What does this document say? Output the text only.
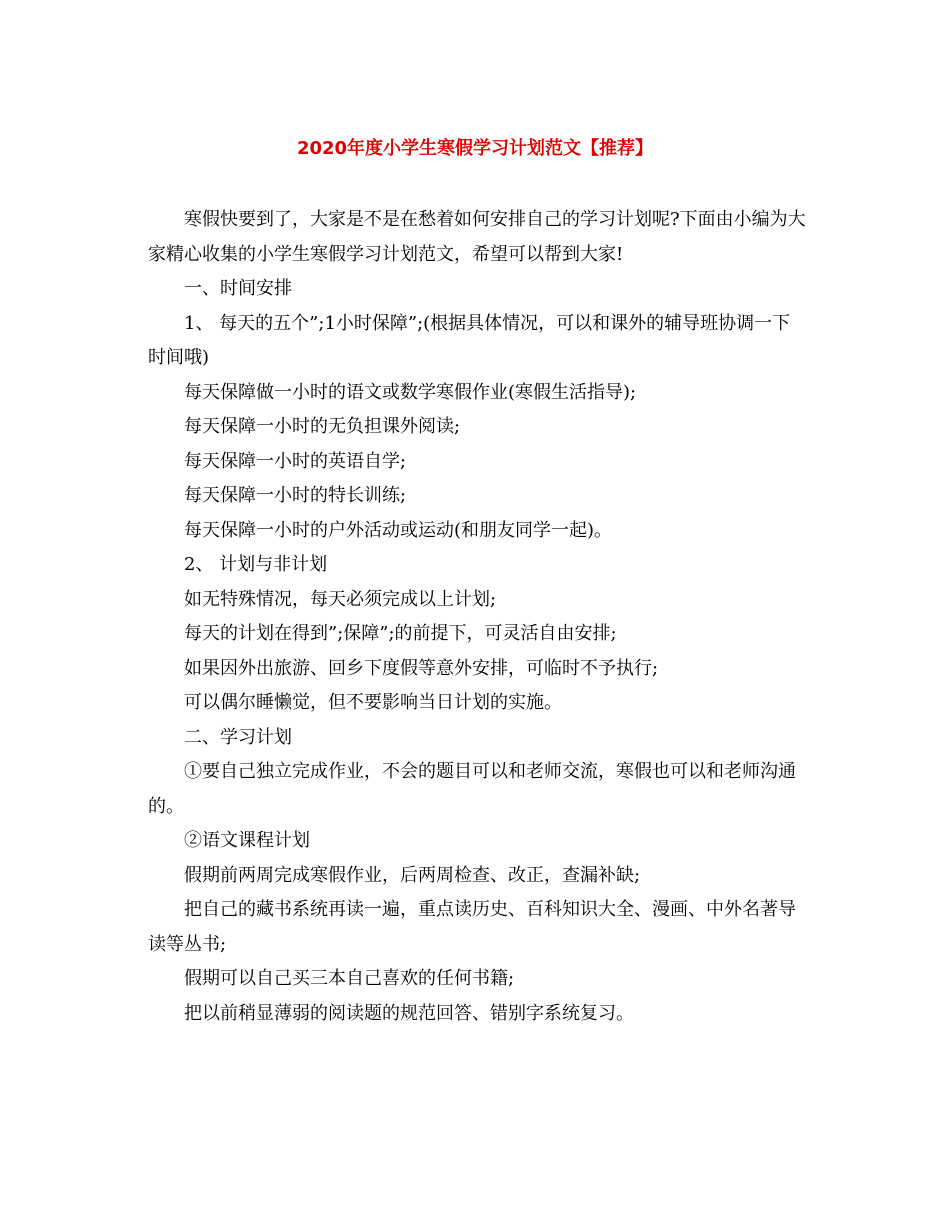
2020年度小学生寒假学习计划范文【推荐】

寒假快要到了，大家是不是在愁着如何安排自己的学习计划呢?下面由小编为大家精心收集的小学生寒假学习计划范文，希望可以帮到大家!

一、时间安排

1、 每天的五个”;1小时保障”;(根据具体情况，可以和课外的辅导班协调一下时间哦)

每天保障做一小时的语文或数学寒假作业(寒假生活指导);

每天保障一小时的无负担课外阅读;

每天保障一小时的英语自学;

每天保障一小时的特长训练;

每天保障一小时的户外活动或运动(和朋友同学一起)。

2、 计划与非计划

如无特殊情况，每天必须完成以上计划;

每天的计划在得到”;保障”;的前提下，可灵活自由安排;

如果因外出旅游、回乡下度假等意外安排，可临时不予执行;

可以偶尔睡懒觉，但不要影响当日计划的实施。

二、学习计划

①要自己独立完成作业，不会的题目可以和老师交流，寒假也可以和老师沟通的。

②语文课程计划

假期前两周完成寒假作业，后两周检查、改正，查漏补缺;

把自己的藏书系统再读一遍，重点读历史、百科知识大全、漫画、中外名著导读等丛书;

假期可以自己买三本自己喜欢的任何书籍;

把以前稍显薄弱的阅读题的规范回答、错别字系统复习。
